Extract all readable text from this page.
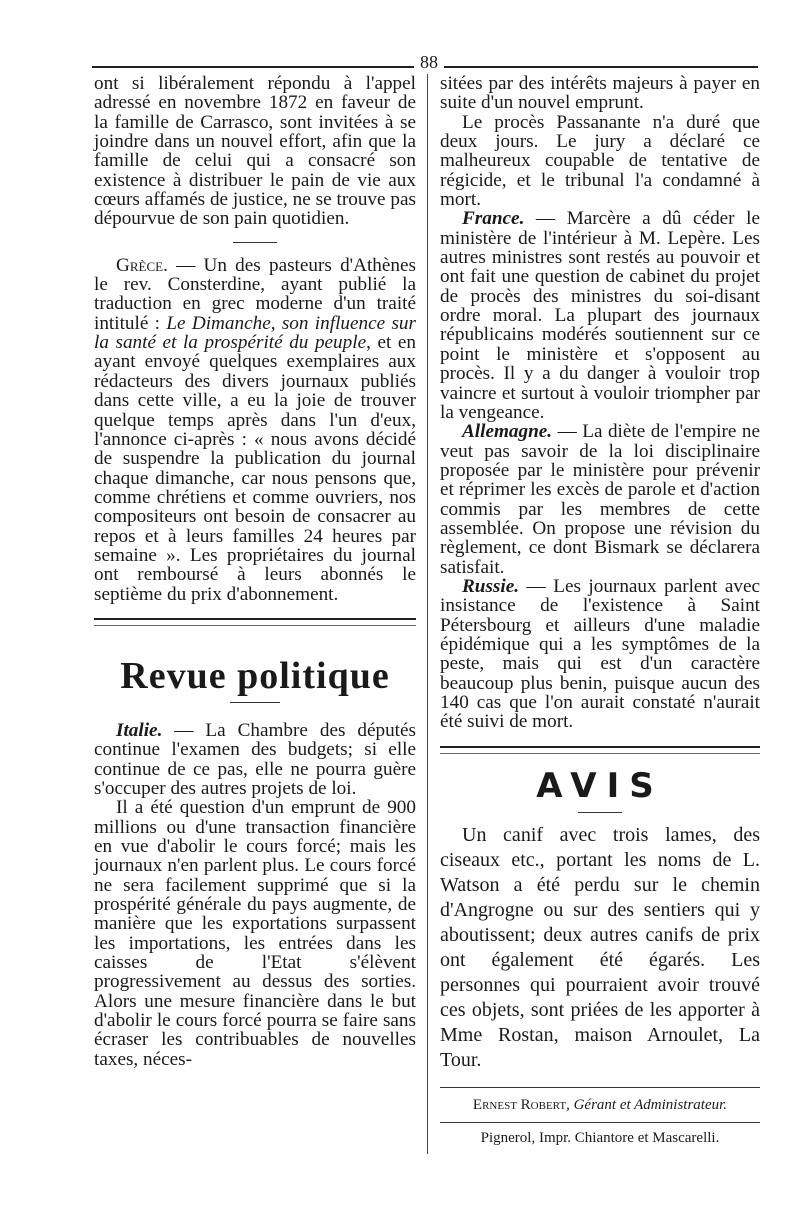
88

ont si libéralement répondu à l'appel adressé en novembre 1872 en faveur de la famille de Carrasco, sont invitées à se joindre dans un nouvel effort, afin que la famille de celui qui a consacré son existence à distribuer le pain de vie aux cœurs affamés de justice, ne se trouve pas dépourvue de son pain quotidien.

Grèce. — Un des pasteurs d'Athènes le rev. Consterdine, ayant publié la traduction en grec moderne d'un traité intitulé : Le Dimanche, son influence sur la santé et la prospérité du peuple, et en ayant envoyé quelques exemplaires aux rédacteurs des divers journaux publiés dans cette ville, a eu la joie de trouver quelque temps après dans l'un d'eux, l'annonce ci-après : « nous avons décidé de suspendre la publication du journal chaque dimanche, car nous pensons que, comme chrétiens et comme ouvriers, nos compositeurs ont besoin de consacrer au repos et à leurs familles 24 heures par semaine ». Les propriétaires du journal ont remboursé à leurs abonnés le septième du prix d'abonnement.

Revue politique

Italie. — La Chambre des députés continue l'examen des budgets; si elle continue de ce pas, elle ne pourra guère s'occuper des autres projets de loi.

Il a été question d'un emprunt de 900 millions ou d'une transaction financière en vue d'abolir le cours forcé; mais les journaux n'en parlent plus. Le cours forcé ne sera facilement supprimé que si la prospérité générale du pays augmente, de manière que les exportations surpassent les importations, les entrées dans les caisses de l'Etat s'élèvent progressivement au dessus des sorties. Alors une mesure financière dans le but d'abolir le cours forcé pourra se faire sans écraser les contribuables de nouvelles taxes, néces-

sitées par des intérêts majeurs à payer en suite d'un nouvel emprunt.

Le procès Passanante n'a duré que deux jours. Le jury a déclaré ce malheureux coupable de tentative de régicide, et le tribunal l'a condamné à mort.

France. — Marcère a dû céder le ministère de l'intérieur à M. Lepère. Les autres ministres sont restés au pouvoir et ont fait une question de cabinet du projet de procès des ministres du soi-disant ordre moral. La plupart des journaux républicains modérés soutiennent sur ce point le ministère et s'opposent au procès. Il y a du danger à vouloir trop vaincre et surtout à vouloir triompher par la vengeance.

Allemagne. — La diète de l'empire ne veut pas savoir de la loi disciplinaire proposée par le ministère pour prévenir et réprimer les excès de parole et d'action commis par les membres de cette assemblée. On propose une révision du règlement, ce dont Bismark se déclarera satisfait.

Russie. — Les journaux parlent avec insistance de l'existence à Saint Pétersbourg et ailleurs d'une maladie épidémique qui a les symptômes de la peste, mais qui est d'un caractère beaucoup plus benin, puisque aucun des 140 cas que l'on aurait constaté n'aurait été suivi de mort.

AVIS

Un canif avec trois lames, des ciseaux etc., portant les noms de L. Watson a été perdu sur le chemin d'Angrogne ou sur des sentiers qui y aboutissent; deux autres canifs de prix ont également été égarés. Les personnes qui pourraient avoir trouvé ces objets, sont priées de les apporter à Mme Rostan, maison Arnoulet, La Tour.

Ernest Robert, Gérant et Administrateur.

Pignerol, Impr. Chiantore et Mascarelli.
